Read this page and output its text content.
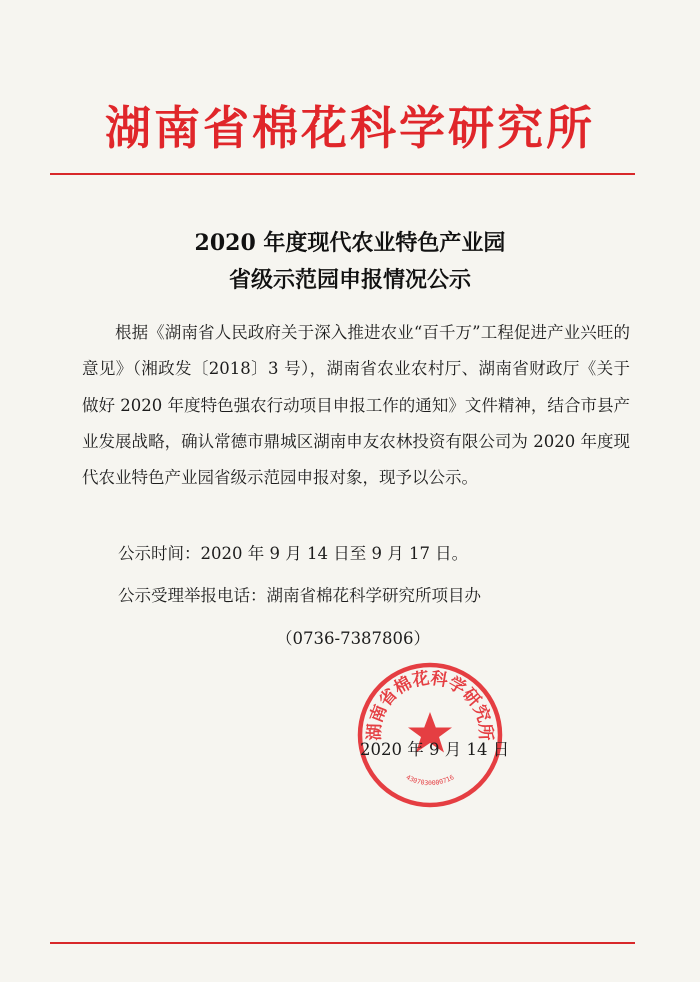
湖南省棉花科学研究所
2020 年度现代农业特色产业园
省级示范园申报情况公示

根据《湖南省人民政府关于深入推进农业“百千万”工程促进产业兴旺的意见》（湘政发〔2018〕3 号），湖南省农业农村厅、湖南省财政厅《关于做好 2020 年度特色强农行动项目申报工作的通知》文件精神，结合市县产业发展战略，确认常德市鼎城区湖南申友农林投资有限公司为 2020 年度现代农业特色产业园省级示范园申报对象，现予以公示。

公示时间：2020 年 9 月 14 日至 9 月 17 日。
公示受理举报电话：湖南省棉花科学研究所项目办
（0736-7387806）
湖南省棉花科学研究所
4307030000716
2020 年 9 月 14 日
